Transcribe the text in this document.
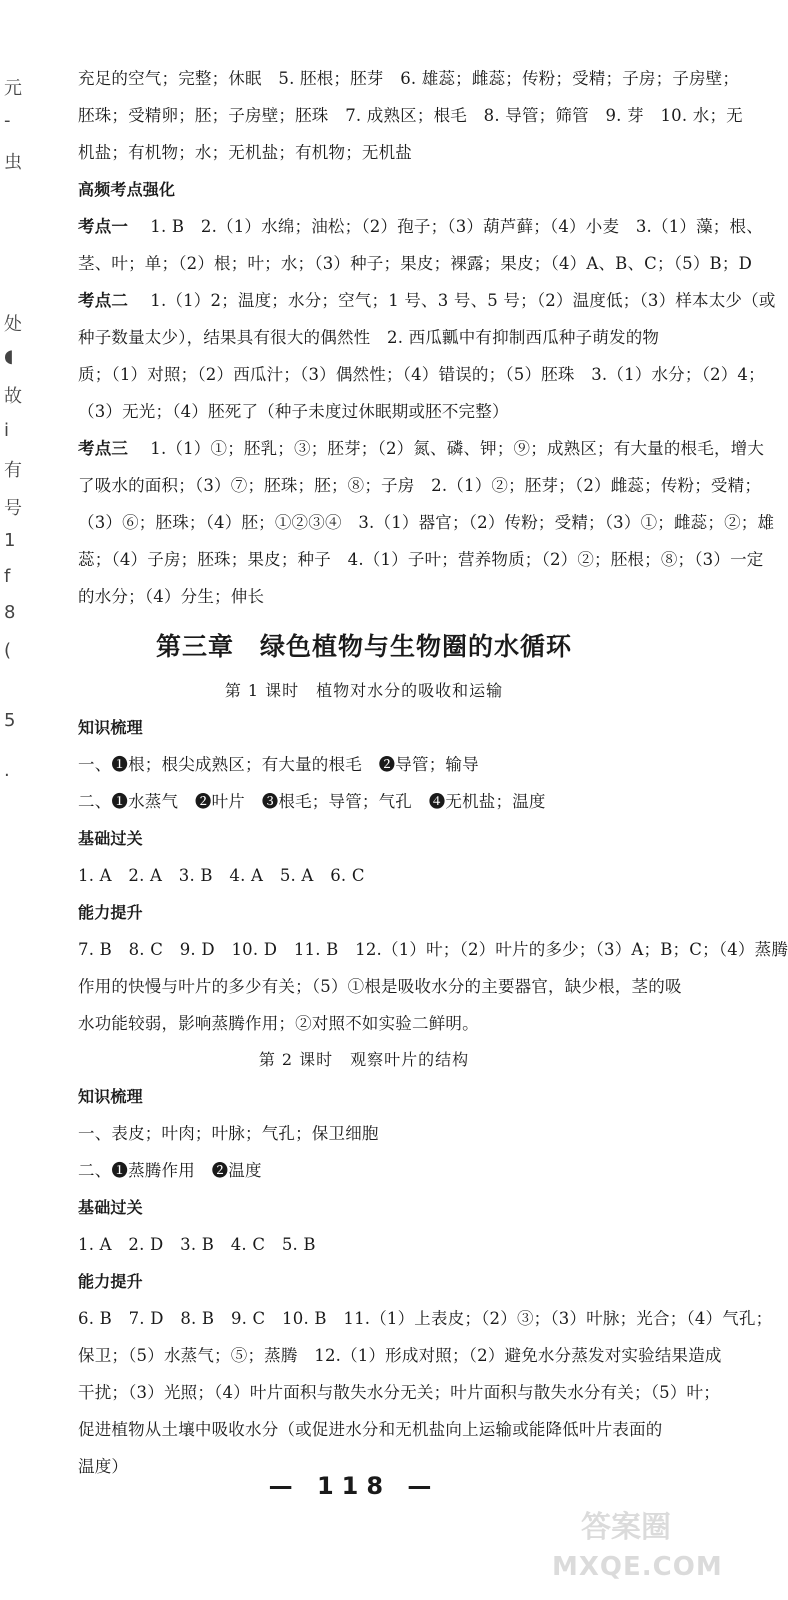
元
-
虫
处
◖
故
i
有
号
1
f
8
(
5
.
充足的空气；完整；休眠　5. 胚根；胚芽　6. 雄蕊；雌蕊；传粉；受精；子房；子房壁；
胚珠；受精卵；胚；子房壁；胚珠　7. 成熟区；根毛　8. 导管；筛管　9. 芽　10. 水；无
机盐；有机物；水；无机盐；有机物；无机盐
高频考点强化
考点一 　 1. B　2.（1）水绵；油松；（2）孢子；（3）葫芦藓；（4）小麦　3.（1）藻；根、
茎、叶；单；（2）根；叶；水；（3）种子；果皮；裸露；果皮；（4）A、B、C；（5）B；D
考点二 　 1.（1）2；温度；水分；空气；1 号、3 号、5 号；（2）温度低；（3）样本太少（或
种子数量太少），结果具有很大的偶然性　2. 西瓜瓤中有抑制西瓜种子萌发的物
质；（1）对照；（2）西瓜汁；（3）偶然性；（4）错误的；（5）胚珠　3.（1）水分；（2）4；
（3）无光；（4）胚死了（种子未度过休眠期或胚不完整）
考点三 　 1.（1）①；胚乳；③；胚芽；（2）氮、磷、钾；⑨；成熟区；有大量的根毛，增大
了吸水的面积；（3）⑦；胚珠；胚；⑧；子房　2.（1）②；胚芽；（2）雌蕊；传粉；受精；
（3）⑥；胚珠；（4）胚；①②③④　3.（1）器官；（2）传粉；受精；（3）①；雌蕊；②；雄
蕊；（4）子房；胚珠；果皮；种子　4.（1）子叶；营养物质；（2）②；胚根；⑧；（3）一定
的水分；（4）分生；伸长
第三章　绿色植物与生物圈的水循环
第 1 课时　植物对水分的吸收和运输
知识梳理
一、❶根；根尖成熟区；有大量的根毛　❷导管；输导
二、❶水蒸气　❷叶片　❸根毛；导管；气孔　❹无机盐；温度
基础过关
1. A　2. A　3. B　4. A　5. A　6. C
能力提升
7. B　8. C　9. D　10. D　11. B　12.（1）叶；（2）叶片的多少；（3）A；B；C；（4）蒸腾
作用的快慢与叶片的多少有关；（5）①根是吸收水分的主要器官，缺少根，茎的吸
水功能较弱，影响蒸腾作用；②对照不如实验二鲜明。
第 2 课时　观察叶片的结构
知识梳理
一、表皮；叶肉；叶脉；气孔；保卫细胞
二、❶蒸腾作用　❷温度
基础过关
1. A　2. D　3. B　4. C　5. B
能力提升
6. B　7. D　8. B　9. C　10. B　11.（1）上表皮；（2）③；（3）叶脉；光合；（4）气孔；
保卫；（5）水蒸气；⑤；蒸腾　12.（1）形成对照；（2）避免水分蒸发对实验结果造成
干扰；（3）光照；（4）叶片面积与散失水分无关；叶片面积与散失水分有关；（5）叶；
促进植物从土壤中吸收水分（或促进水分和无机盐向上运输或能降低叶片表面的
温度）
— 118 —
答案圈
MXQE.COM
